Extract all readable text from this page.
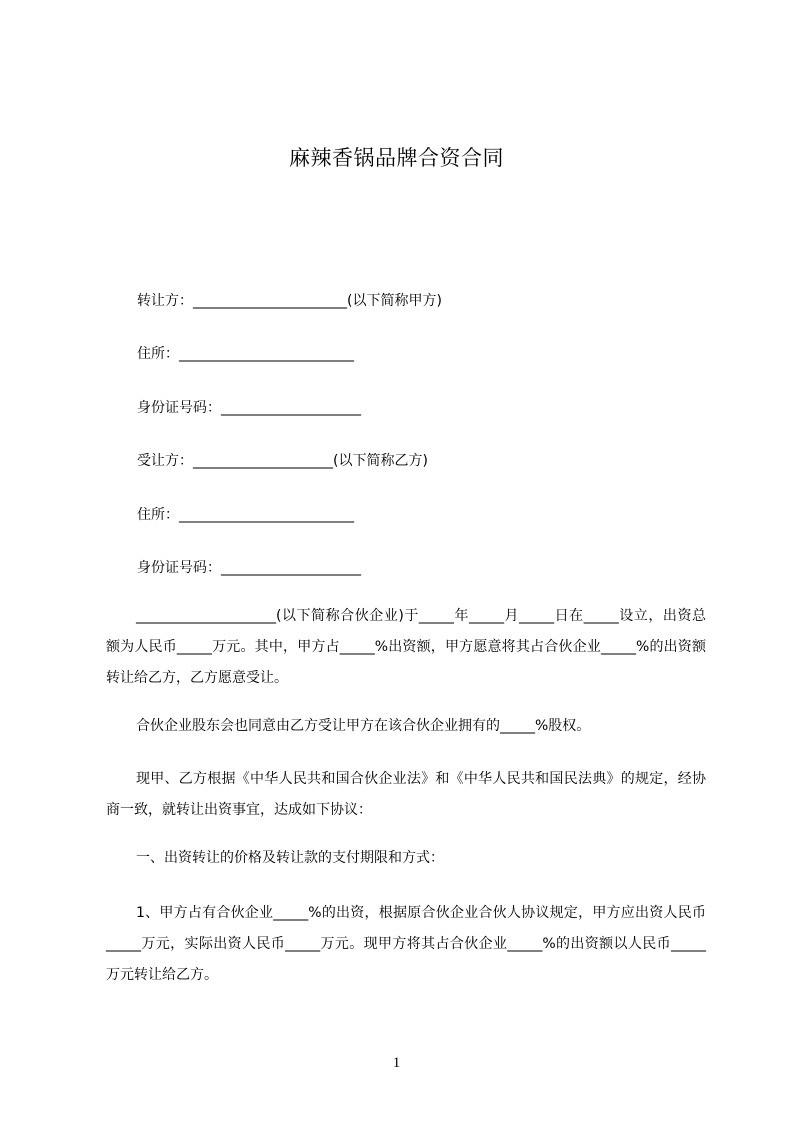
麻辣香锅品牌合资合同
转让方：______________________(以下简称甲方)
住所：_________________________
身份证号码：____________________
受让方：____________________(以下简称乙方)
住所：_________________________
身份证号码：____________________

____________________(以下简称合伙企业)于_____年_____月_____日在_____设立，出资总额为人民币_____万元。其中，甲方占_____%出资额，甲方愿意将其占合伙企业_____%的出资额转让给乙方，乙方愿意受让。

合伙企业股东会也同意由乙方受让甲方在该合伙企业拥有的_____%股权。

现甲、乙方根据《中华人民共和国合伙企业法》和《中华人民共和国民法典》的规定，经协商一致，就转让出资事宜，达成如下协议：

一、出资转让的价格及转让款的支付期限和方式：

1、甲方占有合伙企业_____%的出资，根据原合伙企业合伙人协议规定，甲方应出资人民币_____万元，实际出资人民币_____万元。现甲方将其占合伙企业_____%的出资额以人民币_____万元转让给乙方。

1
